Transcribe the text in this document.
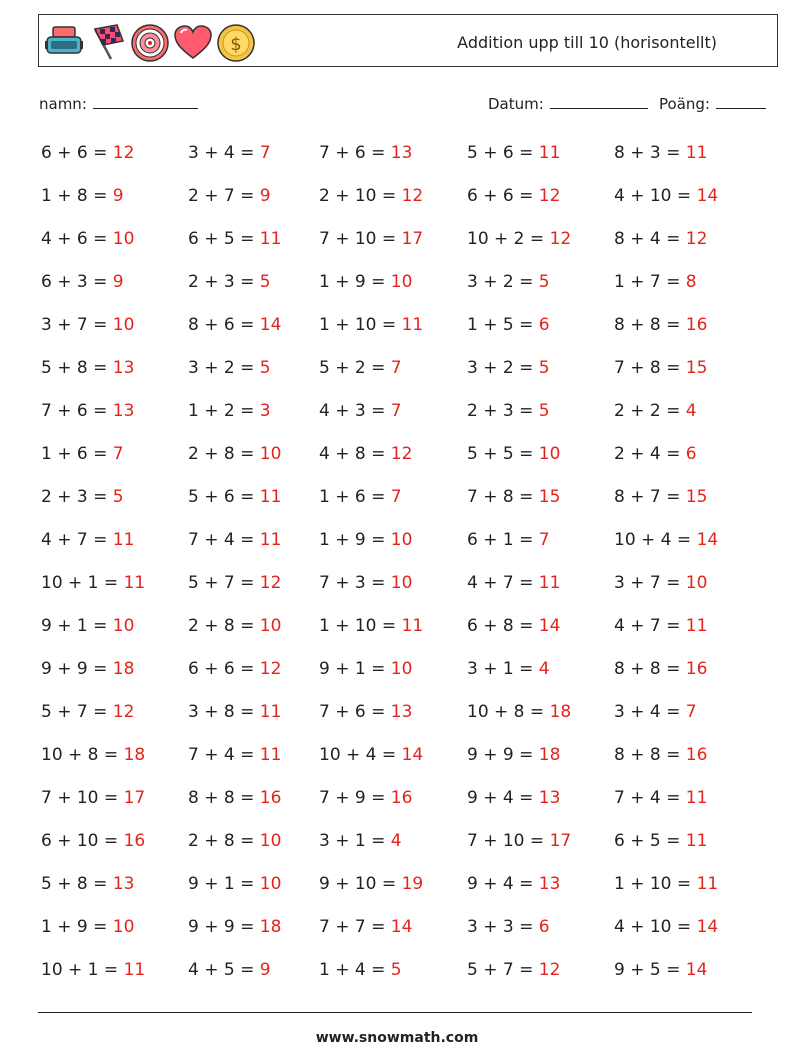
$	Addition upp till 10 (horisontellt)
namn:	Datum:	Poäng:
6 + 6 = 12	3 + 4 = 7	7 + 6 = 13	5 + 6 = 11	8 + 3 = 11
1 + 8 = 9	2 + 7 = 9	2 + 10 = 12	6 + 6 = 12	4 + 10 = 14
4 + 6 = 10	6 + 5 = 11 7 + 10 = 17	10 + 2 = 12	8 + 4 = 12
6 + 3 = 9	2 + 3 = 5	1 + 9 = 10	3 + 2 = 5	1 + 7 = 8
3 + 7 = 10	8 + 6 = 14 1 + 10 = 11	1 + 5 = 6	8 + 8 = 16
5 + 8 = 13	3 + 2 = 5	5 + 2 = 7	3 + 2 = 5	7 + 8 = 15
7 + 6 = 13	1 + 2 = 3	4 + 3 = 7	2 + 3 = 5	2 + 2 = 4
1 + 6 = 7	2 + 8 = 10 4 + 8 = 12	5 + 5 = 10	2 + 4 = 6
2 + 3 = 5	5 + 6 = 11 1 + 6 = 7	7 + 8 = 15	8 + 7 = 15
4 + 7 = 11	7 + 4 = 11 1 + 9 = 10	6 + 1 = 7	10 + 4 = 14
10 + 1 = 11	5 + 7 = 12 7 + 3 = 10	4 + 7 = 11	3 + 7 = 10
9 + 1 = 10	2 + 8 = 10 1 + 10 = 11	6 + 8 = 14	4 + 7 = 11
9 + 9 = 18	6 + 6 = 12 9 + 1 = 10	3 + 1 = 4	8 + 8 = 16
5 + 7 = 12	3 + 8 = 11 7 + 6 = 13	10 + 8 = 18	3 + 4 = 7
10 + 8 = 18	7 + 4 = 11 10 + 4 = 14	9 + 9 = 18	8 + 8 = 16
7 + 10 = 17	8 + 8 = 16 7 + 9 = 16	9 + 4 = 13	7 + 4 = 11
6 + 10 = 16	2 + 8 = 10 3 + 1 = 4	7 + 10 = 17	6 + 5 = 11
5 + 8 = 13	9 + 1 = 10 9 + 10 = 19	9 + 4 = 13	1 + 10 = 11
1 + 9 = 10	9 + 9 = 18 7 + 7 = 14	3 + 3 = 6	4 + 10 = 14
10 + 1 = 11	4 + 5 = 9	1 + 4 = 5	5 + 7 = 12	9 + 5 = 14
www.snowmath.com
